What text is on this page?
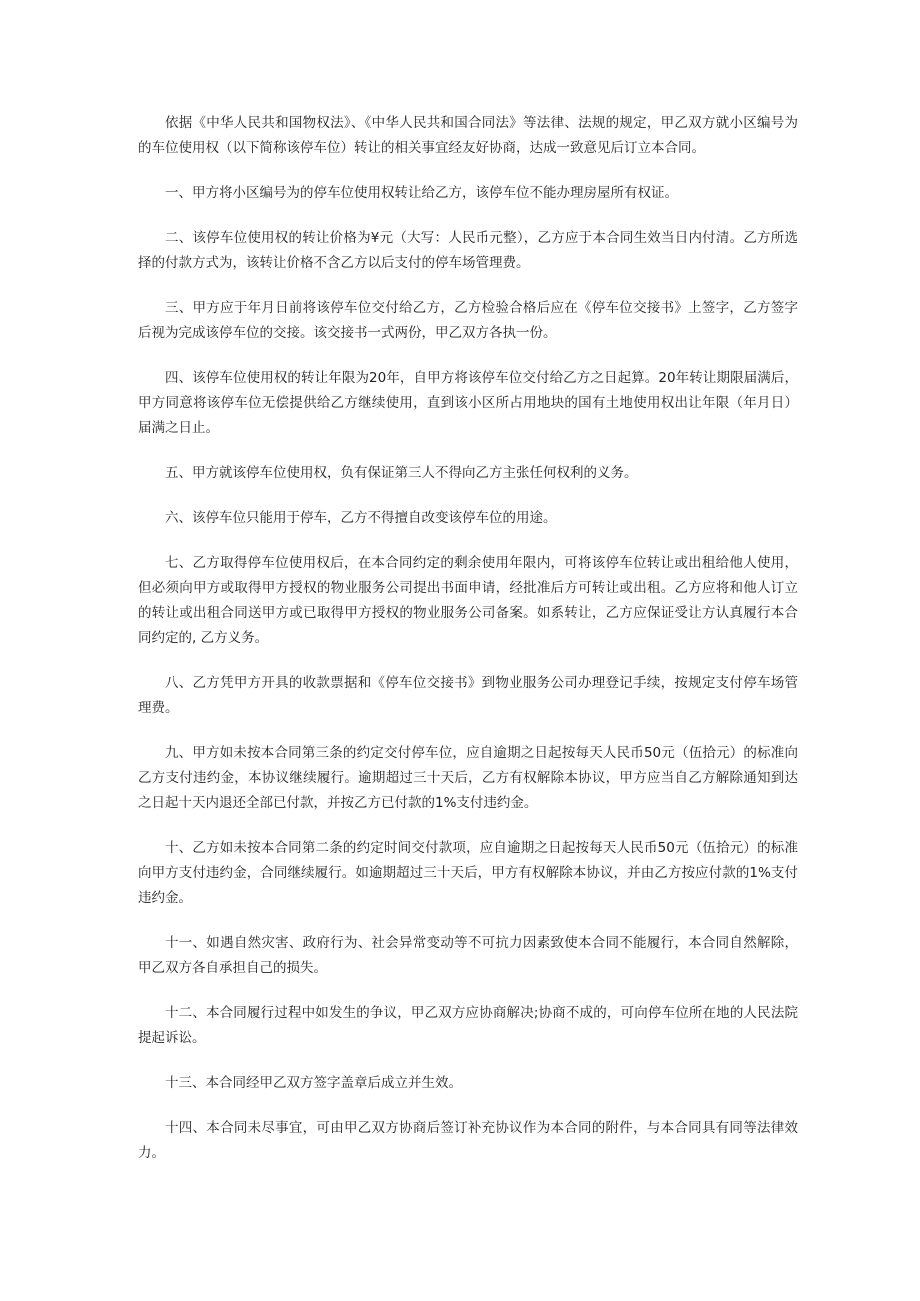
依据《中华人民共和国物权法》、《中华人民共和国合同法》等法律、法规的规定，甲乙双方就小区编号为的车位使用权（以下简称该停车位）转让的相关事宜经友好协商，达成一致意见后订立本合同。

一、甲方将小区编号为的停车位使用权转让给乙方，该停车位不能办理房屋所有权证。

二、该停车位使用权的转让价格为¥元（大写：人民币元整），乙方应于本合同生效当日内付清。乙方所选择的付款方式为，该转让价格不含乙方以后支付的停车场管理费。

三、甲方应于年月日前将该停车位交付给乙方，乙方检验合格后应在《停车位交接书》上签字，乙方签字后视为完成该停车位的交接。该交接书一式两份，甲乙双方各执一份。

四、该停车位使用权的转让年限为20年，自甲方将该停车位交付给乙方之日起算。20年转让期限届满后，甲方同意将该停车位无偿提供给乙方继续使用，直到该小区所占用地块的国有土地使用权出让年限（年月日）届满之日止。

五、甲方就该停车位使用权，负有保证第三人不得向乙方主张任何权利的义务。

六、该停车位只能用于停车，乙方不得擅自改变该停车位的用途。

七、乙方取得停车位使用权后，在本合同约定的剩余使用年限内，可将该停车位转让或出租给他人使用，但必须向甲方或取得甲方授权的物业服务公司提出书面申请，经批准后方可转让或出租。乙方应将和他人订立的转让或出租合同送甲方或已取得甲方授权的物业服务公司备案。如系转让，乙方应保证受让方认真履行本合同约定的, 乙方义务。

八、乙方凭甲方开具的收款票据和《停车位交接书》到物业服务公司办理登记手续，按规定支付停车场管理费。

九、甲方如未按本合同第三条的约定交付停车位，应自逾期之日起按每天人民币50元（伍拾元）的标准向乙方支付违约金，本协议继续履行。逾期超过三十天后，乙方有权解除本协议，甲方应当自乙方解除通知到达之日起十天内退还全部已付款，并按乙方已付款的1%支付违约金。

十、乙方如未按本合同第二条的约定时间交付款项，应自逾期之日起按每天人民币50元（伍拾元）的标准向甲方支付违约金，合同继续履行。如逾期超过三十天后，甲方有权解除本协议，并由乙方按应付款的1%支付违约金。

十一、如遇自然灾害、政府行为、社会异常变动等不可抗力因素致使本合同不能履行，本合同自然解除，甲乙双方各自承担自己的损失。

十二、本合同履行过程中如发生的争议，甲乙双方应协商解决;协商不成的，可向停车位所在地的人民法院提起诉讼。

十三、本合同经甲乙双方签字盖章后成立并生效。

十四、本合同未尽事宜，可由甲乙双方协商后签订补充协议作为本合同的附件，与本合同具有同等法律效力。
